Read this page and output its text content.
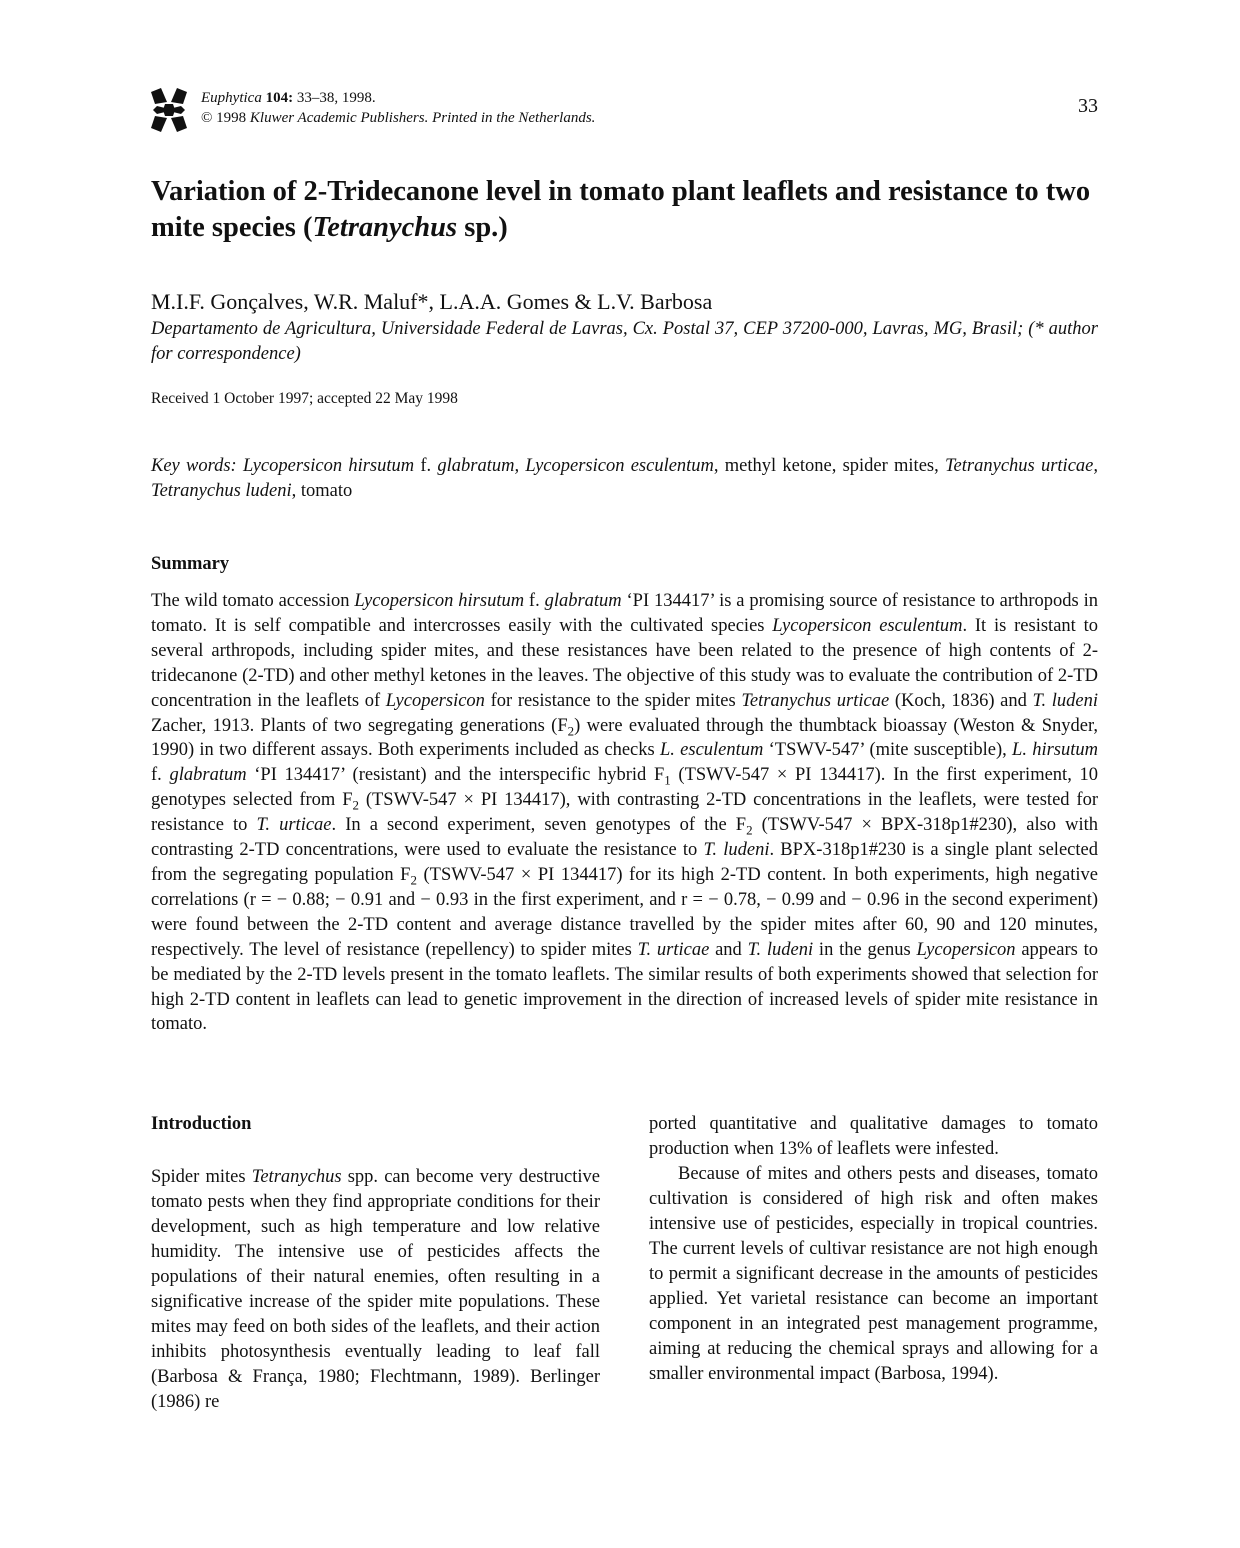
Euphytica 104: 33–38, 1998.
© 1998 Kluwer Academic Publishers. Printed in the Netherlands.
33
Variation of 2-Tridecanone level in tomato plant leaflets and resistance to two mite species (Tetranychus sp.)
M.I.F. Gonçalves, W.R. Maluf*, L.A.A. Gomes & L.V. Barbosa
Departamento de Agricultura, Universidade Federal de Lavras, Cx. Postal 37, CEP 37200-000, Lavras, MG, Brasil; (* author for correspondence)
Received 1 October 1997; accepted 22 May 1998
Key words: Lycopersicon hirsutum f. glabratum, Lycopersicon esculentum, methyl ketone, spider mites, Tetranychus urticae, Tetranychus ludeni, tomato
Summary

The wild tomato accession Lycopersicon hirsutum f. glabratum ‘PI 134417’ is a promising source of resistance to arthropods in tomato. It is self compatible and intercrosses easily with the cultivated species Lycopersicon esculentum. It is resistant to several arthropods, including spider mites, and these resistances have been related to the presence of high contents of 2-tridecanone (2-TD) and other methyl ketones in the leaves. The objective of this study was to evaluate the contribution of 2-TD concentration in the leaflets of Lycopersicon for resistance to the spider mites Tetranychus urticae (Koch, 1836) and T. ludeni Zacher, 1913. Plants of two segregating generations $(F_2)$ were evaluated through the thumbtack bioassay (Weston & Snyder, 1990) in two different assays. Both experiments included as checks L. esculentum ‘TSWV-547’ (mite susceptible), L. hirsutum f. glabratum ‘PI 134417’ (resistant) and the interspecific hybrid $F_1$ (TSWV-547 × PI 134417). In the first experiment, 10 genotypes selected from $F_2$ (TSWV-547 × PI 134417), with contrasting 2-TD concentrations in the leaflets, were tested for resistance to T. urticae. In a second experiment, seven genotypes of the $F_2$ (TSWV-547 × BPX-318p1#230), also with contrasting 2-TD concentrations, were used to evaluate the resistance to T. ludeni. BPX-318p1#230 is a single plant selected from the segregating population $F_2$ (TSWV-547 × PI 134417) for its high 2-TD content. In both experiments, high negative correlations (r = − 0.88; − 0.91 and − 0.93 in the first experiment, and r = − 0.78, − 0.99 and − 0.96 in the second experiment) were found between the 2-TD content and average distance travelled by the spider mites after 60, 90 and 120 minutes, respectively. The level of resistance (repellency) to spider mites T. urticae and T. ludeni in the genus Lycopersicon appears to be mediated by the 2-TD levels present in the tomato leaflets. The similar results of both experiments showed that selection for high 2-TD content in leaflets can lead to genetic improvement in the direction of increased levels of spider mite resistance in tomato.

Introduction

Spider mites Tetranychus spp. can become very destructive tomato pests when they find appropriate conditions for their development, such as high temperature and low relative humidity. The intensive use of pesticides affects the populations of their natural enemies, often resulting in a significative increase of the spider mite populations. These mites may feed on both sides of the leaflets, and their action inhibits photosynthesis eventually leading to leaf fall (Barbosa & França, 1980; Flechtmann, 1989). Berlinger (1986) re

ported quantitative and qualitative damages to tomato production when 13% of leaflets were infested.

Because of mites and others pests and diseases, tomato cultivation is considered of high risk and often makes intensive use of pesticides, especially in tropical countries. The current levels of cultivar resistance are not high enough to permit a significant decrease in the amounts of pesticides applied. Yet varietal resistance can become an important component in an integrated pest management programme, aiming at reducing the chemical sprays and allowing for a smaller environmental impact (Barbosa, 1994).
